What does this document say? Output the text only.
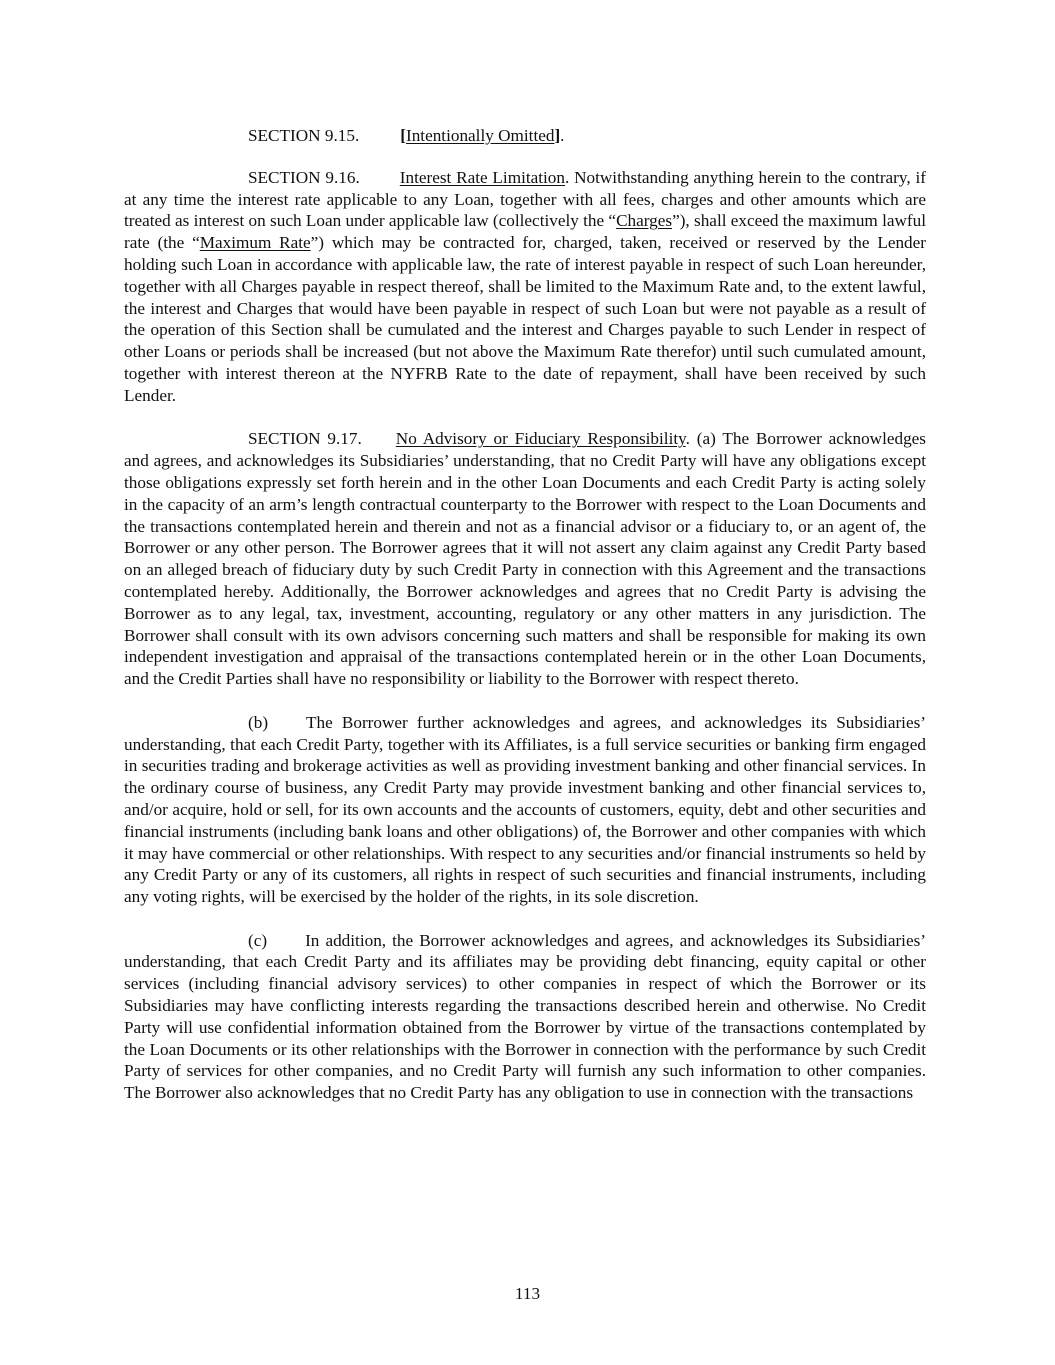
SECTION 9.15. [Intentionally Omitted].

SECTION 9.16. Interest Rate Limitation. Notwithstanding anything herein to the contrary, if at any time the interest rate applicable to any Loan, together with all fees, charges and other amounts which are treated as interest on such Loan under applicable law (collectively the “Charges”), shall exceed the maximum lawful rate (the “Maximum Rate”) which may be contracted for, charged, taken, received or reserved by the Lender holding such Loan in accordance with applicable law, the rate of interest payable in respect of such Loan hereunder, together with all Charges payable in respect thereof, shall be limited to the Maximum Rate and, to the extent lawful, the interest and Charges that would have been payable in respect of such Loan but were not payable as a result of the operation of this Section shall be cumulated and the interest and Charges payable to such Lender in respect of other Loans or periods shall be increased (but not above the Maximum Rate therefor) until such cumulated amount, together with interest thereon at the NYFRB Rate to the date of repayment, shall have been received by such Lender.

SECTION 9.17. No Advisory or Fiduciary Responsibility. (a) The Borrower acknowledges and agrees, and acknowledges its Subsidiaries’ understanding, that no Credit Party will have any obligations except those obligations expressly set forth herein and in the other Loan Documents and each Credit Party is acting solely in the capacity of an arm’s length contractual counterparty to the Borrower with respect to the Loan Documents and the transactions contemplated herein and therein and not as a financial advisor or a fiduciary to, or an agent of, the Borrower or any other person. The Borrower agrees that it will not assert any claim against any Credit Party based on an alleged breach of fiduciary duty by such Credit Party in connection with this Agreement and the transactions contemplated hereby. Additionally, the Borrower acknowledges and agrees that no Credit Party is advising the Borrower as to any legal, tax, investment, accounting, regulatory or any other matters in any jurisdiction. The Borrower shall consult with its own advisors concerning such matters and shall be responsible for making its own independent investigation and appraisal of the transactions contemplated herein or in the other Loan Documents, and the Credit Parties shall have no responsibility or liability to the Borrower with respect thereto.

(b) The Borrower further acknowledges and agrees, and acknowledges its Subsidiaries’ understanding, that each Credit Party, together with its Affiliates, is a full service securities or banking firm engaged in securities trading and brokerage activities as well as providing investment banking and other financial services. In the ordinary course of business, any Credit Party may provide investment banking and other financial services to, and/or acquire, hold or sell, for its own accounts and the accounts of customers, equity, debt and other securities and financial instruments (including bank loans and other obligations) of, the Borrower and other companies with which it may have commercial or other relationships. With respect to any securities and/or financial instruments so held by any Credit Party or any of its customers, all rights in respect of such securities and financial instruments, including any voting rights, will be exercised by the holder of the rights, in its sole discretion.

(c) In addition, the Borrower acknowledges and agrees, and acknowledges its Subsidiaries’ understanding, that each Credit Party and its affiliates may be providing debt financing, equity capital or other services (including financial advisory services) to other companies in respect of which the Borrower or its Subsidiaries may have conflicting interests regarding the transactions described herein and otherwise. No Credit Party will use confidential information obtained from the Borrower by virtue of the transactions contemplated by the Loan Documents or its other relationships with the Borrower in connection with the performance by such Credit Party of services for other companies, and no Credit Party will furnish any such information to other companies. The Borrower also acknowledges that no Credit Party has any obligation to use in connection with the transactions

113
